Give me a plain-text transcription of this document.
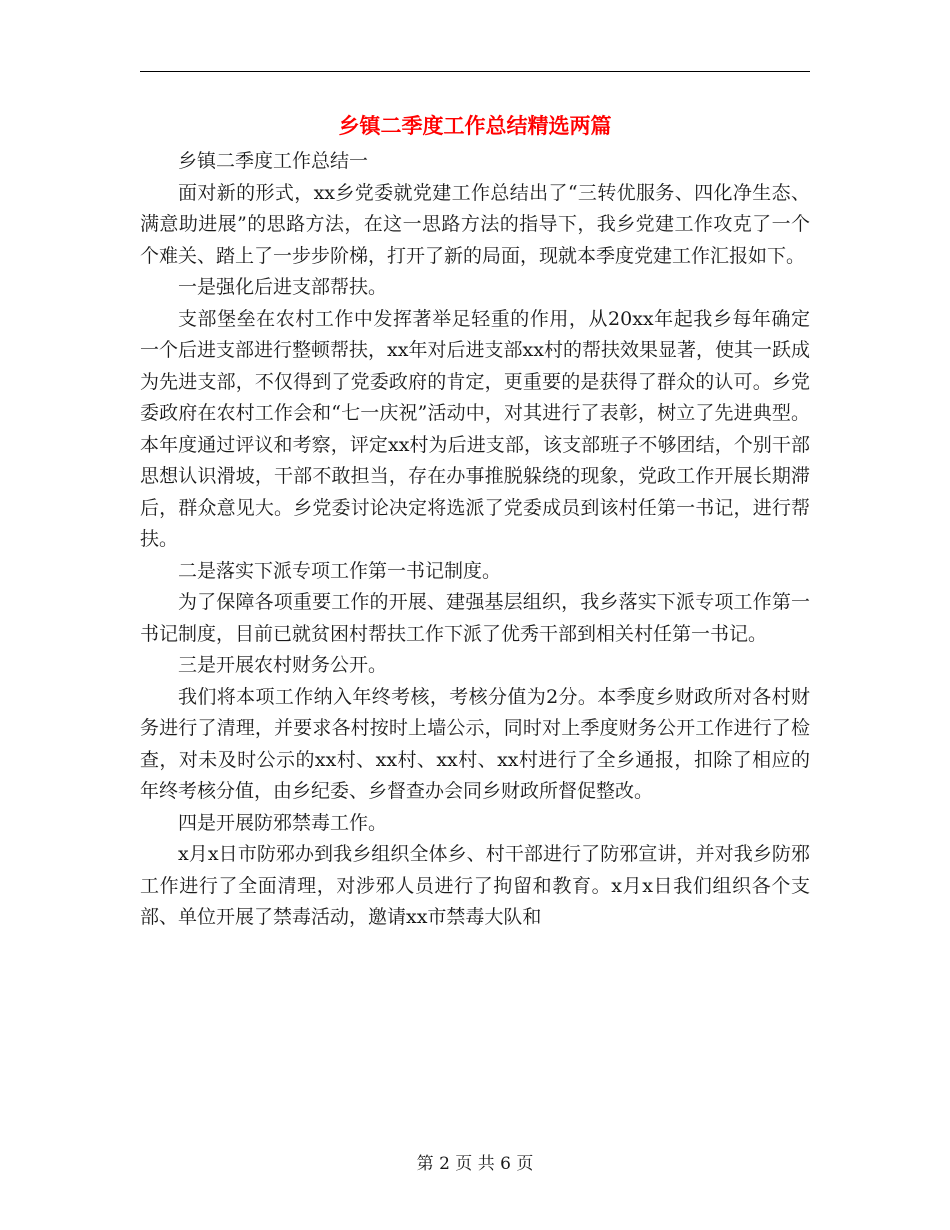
乡镇二季度工作总结精选两篇

乡镇二季度工作总结一

面对新的形式，xx乡党委就党建工作总结出了“三转优服务、四化净生态、满意助进展”的思路方法，在这一思路方法的指导下，我乡党建工作攻克了一个个难关、踏上了一步步阶梯，打开了新的局面，现就本季度党建工作汇报如下。

一是强化后进支部帮扶。

支部堡垒在农村工作中发挥著举足轻重的作用，从20xx年起我乡每年确定一个后进支部进行整顿帮扶，xx年对后进支部xx村的帮扶效果显著，使其一跃成为先进支部，不仅得到了党委政府的肯定，更重要的是获得了群众的认可。乡党委政府在农村工作会和“七一庆祝”活动中，对其进行了表彰，树立了先进典型。本年度通过评议和考察，评定xx村为后进支部，该支部班子不够团结，个别干部思想认识滑坡，干部不敢担当，存在办事推脱躲绕的现象，党政工作开展长期滞后，群众意见大。乡党委讨论决定将选派了党委成员到该村任第一书记，进行帮扶。

二是落实下派专项工作第一书记制度。

为了保障各项重要工作的开展、建强基层组织，我乡落实下派专项工作第一书记制度，目前已就贫困村帮扶工作下派了优秀干部到相关村任第一书记。

三是开展农村财务公开。

我们将本项工作纳入年终考核，考核分值为2分。本季度乡财政所对各村财务进行了清理，并要求各村按时上墙公示，同时对上季度财务公开工作进行了检查，对未及时公示的xx村、xx村、xx村、xx村进行了全乡通报，扣除了相应的年终考核分值，由乡纪委、乡督查办会同乡财政所督促整改。

四是开展防邪禁毒工作。

x月x日市防邪办到我乡组织全体乡、村干部进行了防邪宣讲，并对我乡防邪工作进行了全面清理，对涉邪人员进行了拘留和教育。x月x日我们组织各个支部、单位开展了禁毒活动，邀请xx市禁毒大队和

第 2 页 共 6 页
